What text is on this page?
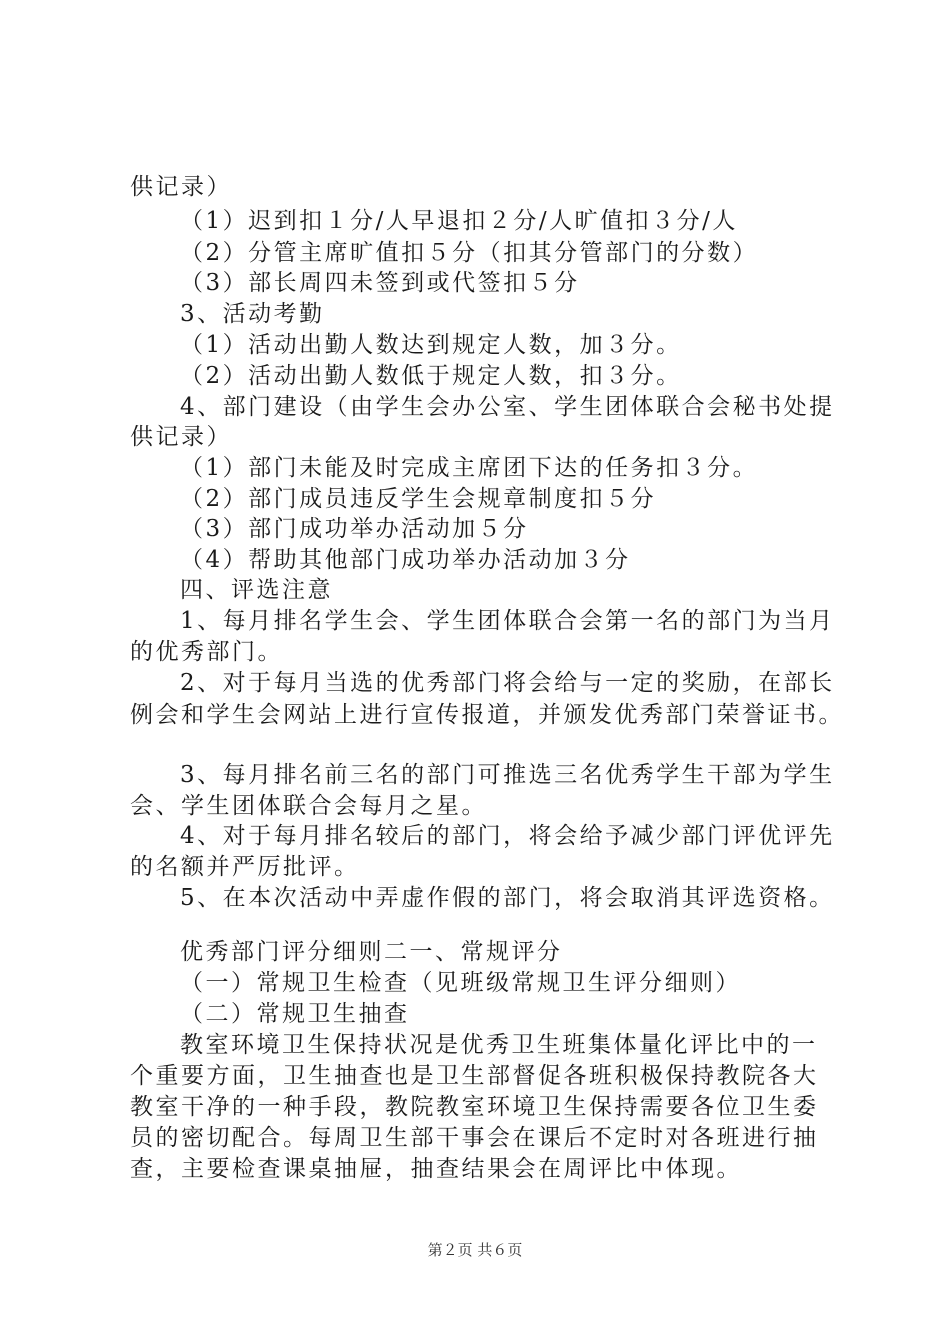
供记录）
（1）迟到扣１分/人早退扣２分/人旷值扣３分/人
（2）分管主席旷值扣５分（扣其分管部门的分数）
（3）部长周四未签到或代签扣５分
3、活动考勤
（1）活动出勤人数达到规定人数，加３分。
（2）活动出勤人数低于规定人数，扣３分。
4、部门建设（由学生会办公室、学生团体联合会秘书处提
供记录）
（1）部门未能及时完成主席团下达的任务扣３分。
（2）部门成员违反学生会规章制度扣５分
（3）部门成功举办活动加５分
（4）帮助其他部门成功举办活动加３分
四、评选注意
1、每月排名学生会、学生团体联合会第一名的部门为当月
的优秀部门。
2、对于每月当选的优秀部门将会给与一定的奖励，在部长
例会和学生会网站上进行宣传报道，并颁发优秀部门荣誉证书。
3、每月排名前三名的部门可推选三名优秀学生干部为学生
会、学生团体联合会每月之星。
4、对于每月排名较后的部门，将会给予减少部门评优评先
的名额并严厉批评。
5、在本次活动中弄虚作假的部门，将会取消其评选资格。
优秀部门评分细则二一、常规评分
（一）常规卫生检查（见班级常规卫生评分细则）
（二）常规卫生抽查
教室环境卫生保持状况是优秀卫生班集体量化评比中的一
个重要方面，卫生抽查也是卫生部督促各班积极保持教院各大
教室干净的一种手段，教院教室环境卫生保持需要各位卫生委
员的密切配合。每周卫生部干事会在课后不定时对各班进行抽
查，主要检查课桌抽屉，抽查结果会在周评比中体现。
第２页 共６页
